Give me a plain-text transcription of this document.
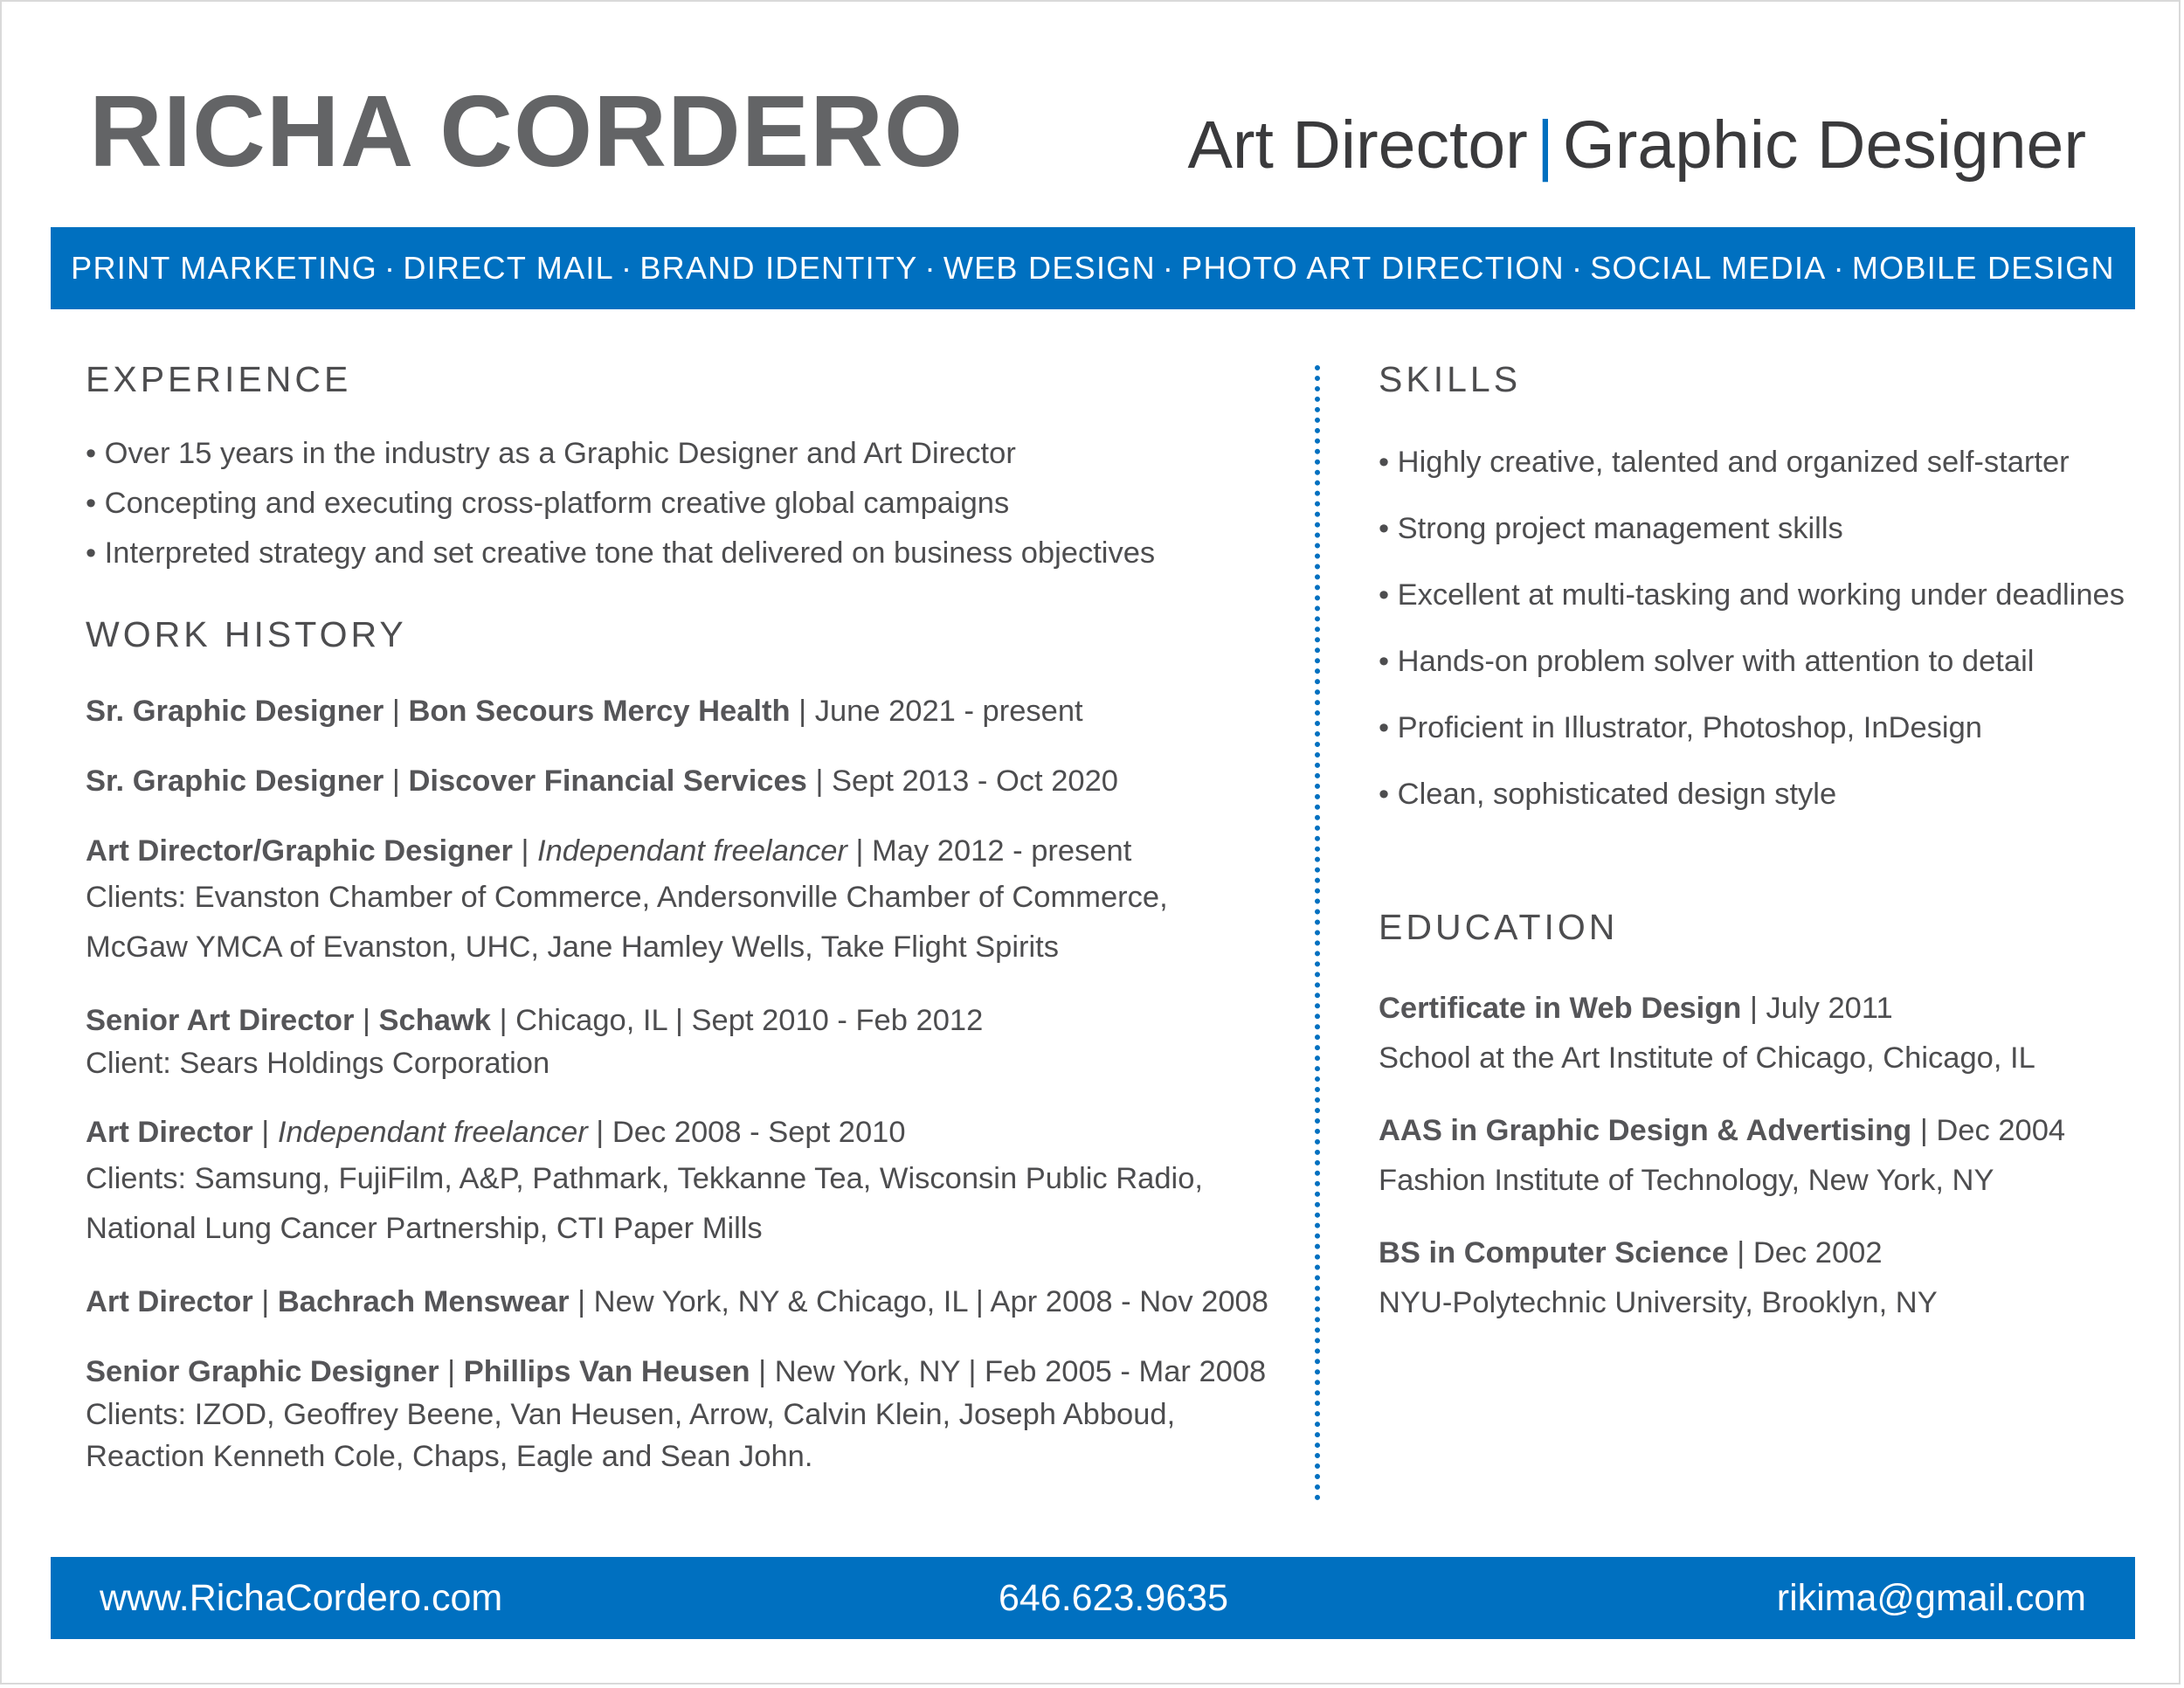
RICHA CORDERO	Art Director | Graphic Designer
PRINT MARKETING · DIRECT MAIL · BRAND IDENTITY · WEB DESIGN · PHOTO ART DIRECTION · SOCIAL MEDIA · MOBILE DESIGN
EXPERIENCE
• Over 15 years in the industry as a Graphic Designer and Art Director
• Concepting and executing cross-platform creative global campaigns
• Interpreted strategy and set creative tone that delivered on business objectives
WORK HISTORY
Sr. Graphic Designer | Bon Secours Mercy Health | June 2021 - present
Sr. Graphic Designer | Discover Financial Services | Sept 2013 - Oct 2020
Art Director/Graphic Designer | Independant freelancer | May 2012 - present
Clients: Evanston Chamber of Commerce, Andersonville Chamber of Commerce,
McGaw YMCA of Evanston, UHC, Jane Hamley Wells, Take Flight Spirits
Senior Art Director | Schawk | Chicago, IL | Sept 2010 - Feb 2012
Client: Sears Holdings Corporation
Art Director | Independant freelancer | Dec 2008 - Sept 2010
Clients: Samsung, FujiFilm, A&P, Pathmark, Tekkanne Tea, Wisconsin Public Radio,
National Lung Cancer Partnership, CTI Paper Mills
Art Director | Bachrach Menswear | New York, NY & Chicago, IL | Apr 2008 - Nov 2008
Senior Graphic Designer | Phillips Van Heusen | New York, NY | Feb 2005 - Mar 2008
Clients: IZOD, Geoffrey Beene, Van Heusen, Arrow, Calvin Klein, Joseph Abboud,
Reaction Kenneth Cole, Chaps, Eagle and Sean John.
SKILLS
• Highly creative, talented and organized self-starter
• Strong project management skills
• Excellent at multi-tasking and working under deadlines
• Hands-on problem solver with attention to detail
• Proficient in Illustrator, Photoshop, InDesign
• Clean, sophisticated design style
EDUCATION
Certificate in Web Design | July 2011
School at the Art Institute of Chicago, Chicago, IL
AAS in Graphic Design & Advertising | Dec 2004
Fashion Institute of Technology, New York, NY
BS in Computer Science | Dec 2002
NYU-Polytechnic University, Brooklyn, NY
www.RichaCordero.com	646.623.9635	rikima@gmail.com
